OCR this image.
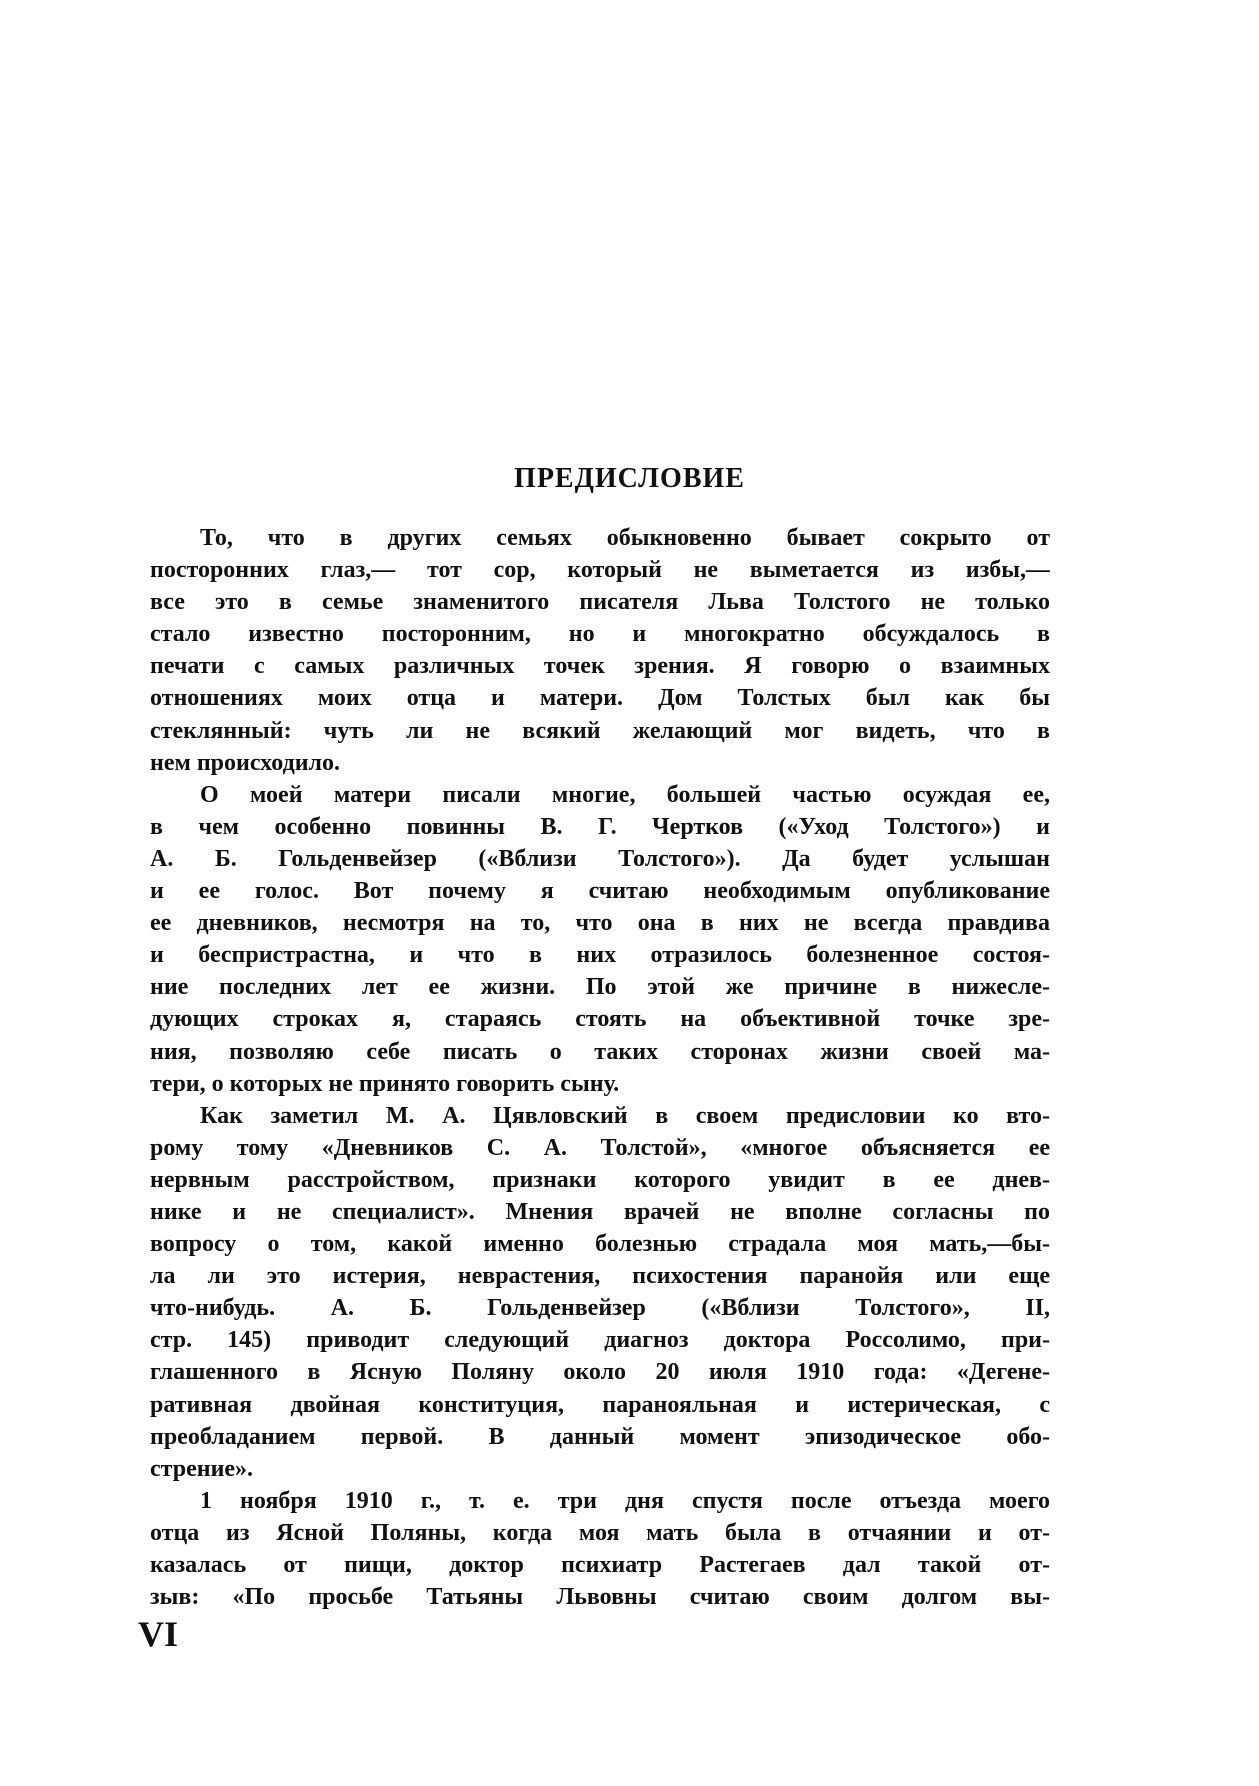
ПРЕДИСЛОВИЕ
То, что в других семьях обыкновенно бывает сокрыто от
посторонних глаз,— тот сор, который не выметается из избы,—
все это в семье знаменитого писателя Льва Толстого не только
стало известно посторонним, но и многократно обсуждалось в
печати с самых различных точек зрения. Я говорю о взаимных
отношениях моих отца и матери. Дом Толстых был как бы
стеклянный: чуть ли не всякий желающий мог видеть, что в
нем происходило.
О моей матери писали многие, большей частью осуждая ее,
в чем особенно повинны В. Г. Чертков («Уход Толстого») и
А. Б. Гольденвейзер («Вблизи Толстого»). Да будет услышан
и ее голос. Вот почему я считаю необходимым опубликование
ее дневников, несмотря на то, что она в них не всегда правдива
и беспристрастна, и что в них отразилось болезненное состоя-
ние последних лет ее жизни. По этой же причине в нижесле-
дующих строках я, стараясь стоять на объективной точке зре-
ния, позволяю себе писать о таких сторонах жизни своей ма-
тери, о которых не принято говорить сыну.
Как заметил М. А. Цявловский в своем предисловии ко вто-
рому тому «Дневников С. А. Толстой», «многое объясняется ее
нервным расстройством, признаки которого увидит в ее днев-
нике и не специалист». Мнения врачей не вполне согласны по
вопросу о том, какой именно болезнью страдала моя мать,—бы-
ла ли это истерия, неврастения, психостения паранойя или еще
что-нибудь. А. Б. Гольденвейзер («Вблизи Толстого», II,
стр. 145) приводит следующий диагноз доктора Россолимо, при-
глашенного в Ясную Поляну около 20 июля 1910 года: «Дегене-
ративная двойная конституция, паранояльная и истерическая, с
преобладанием первой. В данный момент эпизодическое обо-
стрение».
1 ноября 1910 г., т. е. три дня спустя после отъезда моего
отца из Ясной Поляны, когда моя мать была в отчаянии и от-
казалась от пищи, доктор психиатр Растегаев дал такой от-
зыв: «По просьбе Татьяны Львовны считаю своим долгом вы-
VI
